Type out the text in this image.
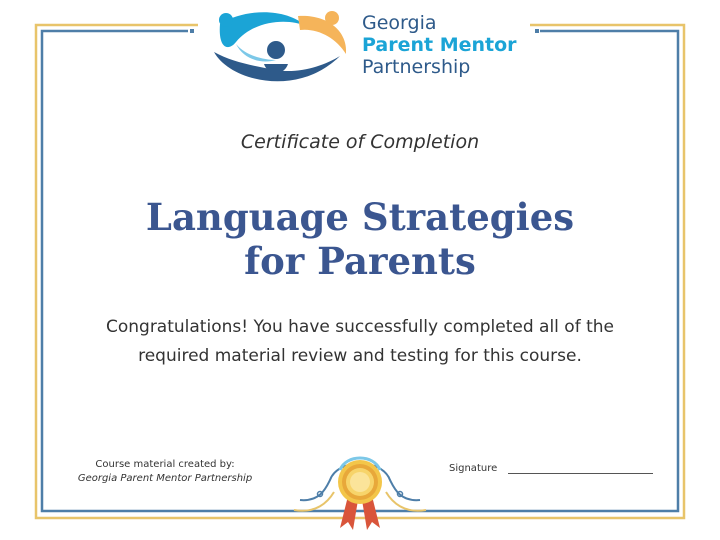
Georgia
Parent Mentor
Partnership
Certificate of Completion
Language Strategies
for Parents
Congratulations! You have successfully completed all of the
required material review and testing for this course.
Course material created by:
Georgia Parent Mentor Partnership
Signature
